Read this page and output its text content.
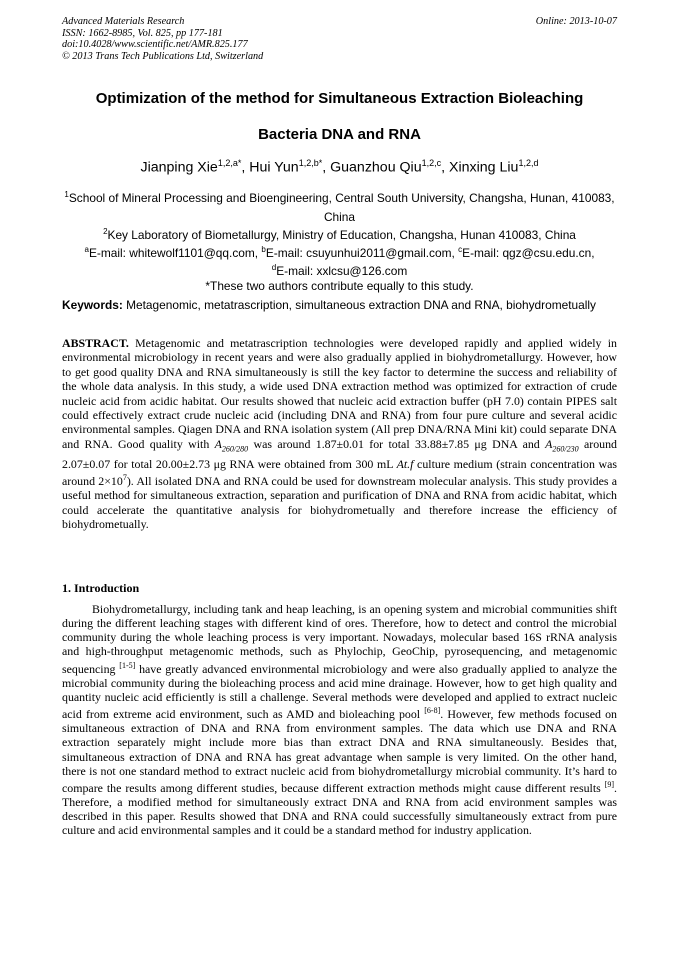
Advanced Materials Research
ISSN: 1662-8985, Vol. 825, pp 177-181
doi:10.4028/www.scientific.net/AMR.825.177
© 2013 Trans Tech Publications Ltd, Switzerland
Online: 2013-10-07
Optimization of the method for Simultaneous Extraction Bioleaching
Bacteria DNA and RNA
Jianping Xie$^{1,2,a*}$, Hui Yun$^{1,2,b*}$, Guanzhou Qiu$^{1,2,c}$, Xinxing Liu$^{1,2,d}$
$^1$School of Mineral Processing and Bioengineering, Central South University, Changsha, Hunan, 410083, China
$^2$Key Laboratory of Biometallurgy, Ministry of Education, Changsha, Hunan 410083, China
$^a$E-mail: whitewolf1101@qq.com, $^b$E-mail: csuyunhui2011@gmail.com, $^c$E-mail: qgz@csu.edu.cn,
$^d$E-mail: xxlcsu@126.com
*These two authors contribute equally to this study.
Keywords: Metagenomic, metatrascription, simultaneous extraction DNA and RNA, biohydrometually
ABSTRACT. Metagenomic and metatrascription technologies were developed rapidly and applied widely in environmental microbiology in recent years and were also gradually applied in biohydrometallurgy. However, how to get good quality DNA and RNA simultaneously is still the key factor to determine the success and reliability of the whole data analysis. In this study, a wide used DNA extraction method was optimized for extraction of crude nucleic acid from acidic habitat. Our results showed that nucleic acid extraction buffer (pH 7.0) contain PIPES salt could effectively extract crude nucleic acid (including DNA and RNA) from four pure culture and several acidic environmental samples. Qiagen DNA and RNA isolation system (All prep DNA/RNA Mini kit) could separate DNA and RNA. Good quality with $A_{260/280}$ was around 1.87±0.01 for total 33.88±7.85 μg DNA and $A_{260/230}$ around 2.07±0.07 for total 20.00±2.73 μg RNA were obtained from 300 mL At.f culture medium (strain concentration was around $2\times 10^7$). All isolated DNA and RNA could be used for downstream molecular analysis. This study provides a useful method for simultaneous extraction, separation and purification of DNA and RNA from acidic habitat, which could accelerate the quantitative analysis for biohydrometually and therefore increase the efficiency of biohydrometually.
1. Introduction
Biohydrometallurgy, including tank and heap leaching, is an opening system and microbial communities shift during the different leaching stages with different kind of ores. Therefore, how to detect and control the microbial community during the whole leaching process is very important. Nowadays, molecular based 16S rRNA analysis and high-throughput metagenomic methods, such as Phylochip, GeoChip, pyrosequencing, and metagenomic sequencing [1-5] have greatly advanced environmental microbiology and were also gradually applied to analyze the microbial community during the bioleaching process and acid mine drainage. However, how to get high quality and quantity nucleic acid efficiently is still a challenge. Several methods were developed and applied to extract nucleic acid from extreme acid environment, such as AMD and bioleaching pool [6-8]. However, few methods focused on simultaneous extraction of DNA and RNA from environment samples. The data which use DNA and RNA extraction separately might include more bias than extract DNA and RNA simultaneously. Besides that, simultaneous extraction of DNA and RNA has great advantage when sample is very limited. On the other hand, there is not one standard method to extract nucleic acid from biohydrometallurgy microbial community. It’s hard to compare the results among different studies, because different extraction methods might cause different results [9]. Therefore, a modified method for simultaneously extract DNA and RNA from acid environment samples was described in this paper. Results showed that DNA and RNA could successfully simultaneously extract from pure culture and acid environmental samples and it could be a standard method for industry application.
